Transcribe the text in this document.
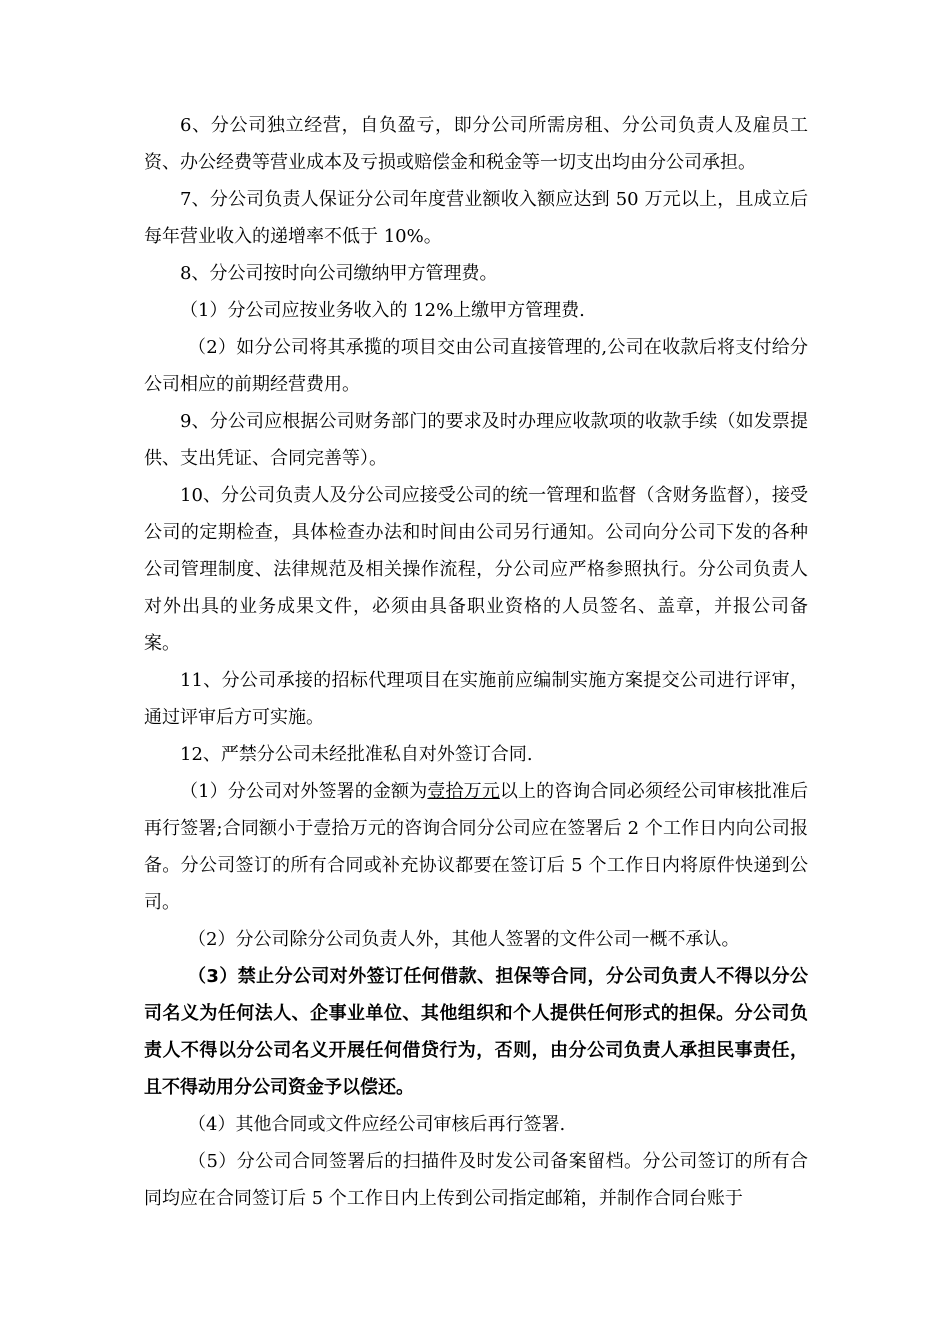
6、分公司独立经营，自负盈亏，即分公司所需房租、分公司负责人及雇员工资、办公经费等营业成本及亏损或赔偿金和税金等一切支出均由分公司承担。

7、分公司负责人保证分公司年度营业额收入额应达到 50 万元以上，且成立后每年营业收入的递增率不低于 10%。

8、分公司按时向公司缴纳甲方管理费。

（1）分公司应按业务收入的 12%上缴甲方管理费.

（2）如分公司将其承揽的项目交由公司直接管理的,公司在收款后将支付给分公司相应的前期经营费用。

9、分公司应根据公司财务部门的要求及时办理应收款项的收款手续（如发票提供、支出凭证、合同完善等）。

10、分公司负责人及分公司应接受公司的统一管理和监督（含财务监督），接受公司的定期检查，具体检查办法和时间由公司另行通知。公司向分公司下发的各种公司管理制度、法律规范及相关操作流程，分公司应严格参照执行。分公司负责人对外出具的业务成果文件，必须由具备职业资格的人员签名、盖章，并报公司备案。

11、分公司承接的招标代理项目在实施前应编制实施方案提交公司进行评审，通过评审后方可实施。

12、严禁分公司未经批准私自对外签订合同.

（1）分公司对外签署的金额为壹拾万元以上的咨询合同必须经公司审核批准后再行签署;合同额小于壹拾万元的咨询合同分公司应在签署后 2 个工作日内向公司报备。分公司签订的所有合同或补充协议都要在签订后 5 个工作日内将原件快递到公司。

（2）分公司除分公司负责人外，其他人签署的文件公司一概不承认。

（3）禁止分公司对外签订任何借款、担保等合同，分公司负责人不得以分公司名义为任何法人、企事业单位、其他组织和个人提供任何形式的担保。分公司负责人不得以分公司名义开展任何借贷行为，否则，由分公司负责人承担民事责任，且不得动用分公司资金予以偿还。

（4）其他合同或文件应经公司审核后再行签署.

（5）分公司合同签署后的扫描件及时发公司备案留档。分公司签订的所有合同均应在合同签订后 5 个工作日内上传到公司指定邮箱，并制作合同台账于
